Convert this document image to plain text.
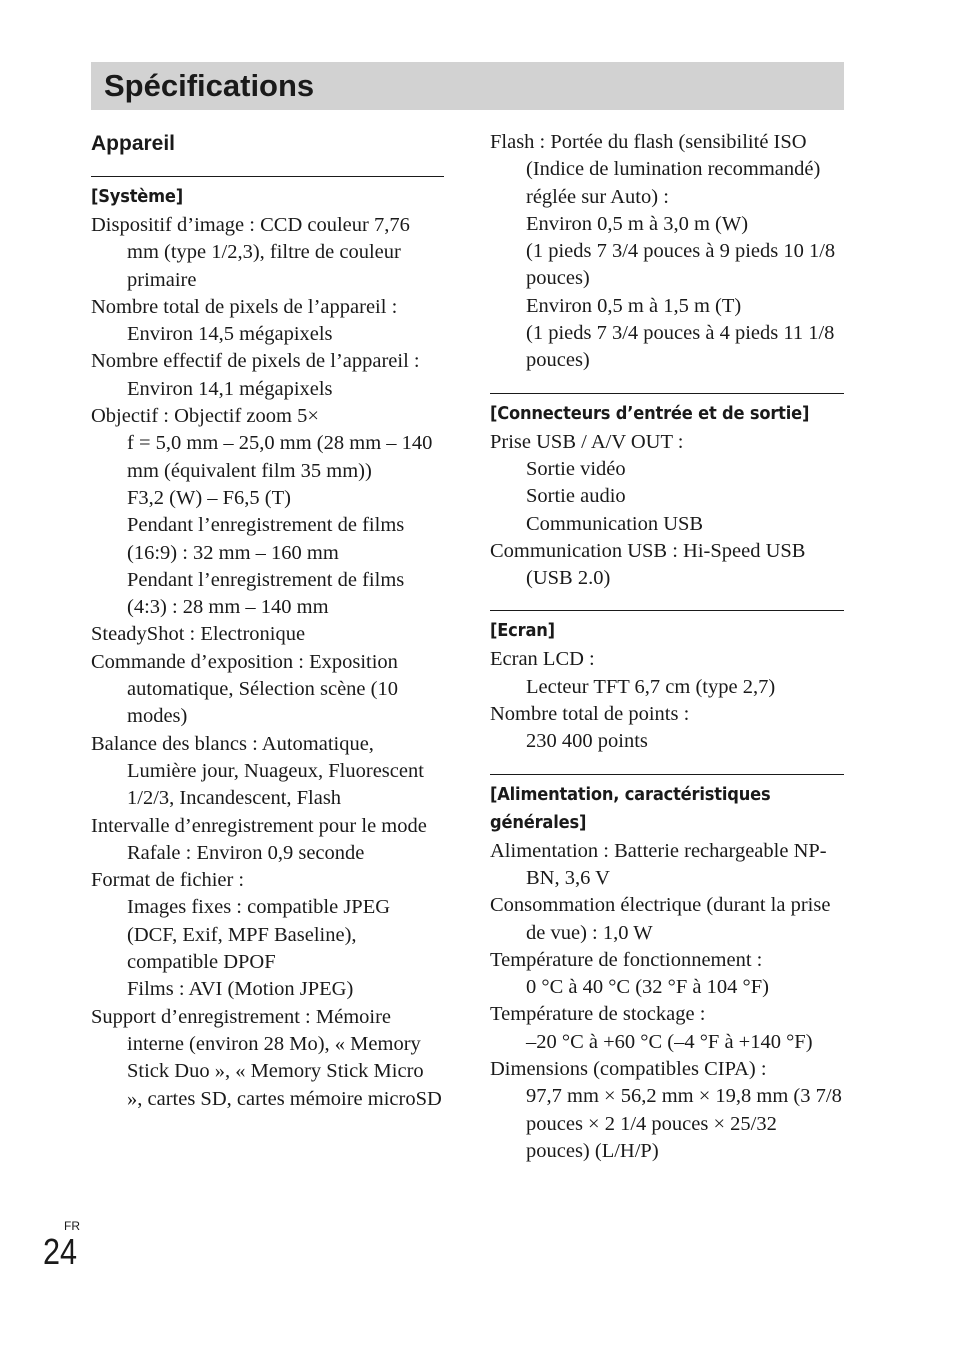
Spécifications
Appareil
[Système]

Dispositif d’image : CCD couleur 7,76 mm (type 1/2,3), filtre de couleur primaire

Nombre total de pixels de l’appareil :
Environ 14,5 mégapixels

Nombre effectif de pixels de l’appareil :
Environ 14,1 mégapixels

Objectif : Objectif zoom 5×
f = 5,0 mm – 25,0 mm (28 mm – 140 mm (équivalent film 35 mm))
F3,2 (W) – F6,5 (T)
Pendant l’enregistrement de films (16:9) : 32 mm – 160 mm
Pendant l’enregistrement de films (4:3) : 28 mm – 140 mm

SteadyShot : Electronique

Commande d’exposition : Exposition automatique, Sélection scène (10 modes)

Balance des blancs : Automatique, Lumière jour, Nuageux, Fluorescent 1/2/3, Incandescent, Flash

Intervalle d’enregistrement pour le mode Rafale : Environ 0,9 seconde

Format de fichier :
Images fixes : compatible JPEG (DCF, Exif, MPF Baseline), compatible DPOF
Films : AVI (Motion JPEG)

Support d’enregistrement : Mémoire interne (environ 28 Mo), « Memory Stick Duo », « Memory Stick Micro », cartes SD, cartes mémoire microSD

Flash : Portée du flash (sensibilité ISO (Indice de lumination recommandé) réglée sur Auto) :
Environ 0,5 m à 3,0 m (W)
(1 pieds 7 3/4 pouces à 9 pieds 10 1/8 pouces)
Environ 0,5 m à 1,5 m (T)
(1 pieds 7 3/4 pouces à 4 pieds 11 1/8 pouces)

[Connecteurs d’entrée et de sortie]

Prise USB / A/V OUT :
Sortie vidéo
Sortie audio
Communication USB

Communication USB : Hi-Speed USB (USB 2.0)

[Ecran]

Ecran LCD :
Lecteur TFT 6,7 cm (type 2,7)

Nombre total de points :
230 400 points

[Alimentation, caractéristiques générales]

Alimentation : Batterie rechargeable NP-BN, 3,6 V

Consommation électrique (durant la prise de vue) : 1,0 W

Température de fonctionnement :
0 °C à 40 °C (32 °F à 104 °F)

Température de stockage :
–20 °C à +60 °C (–4 °F à +140 °F)

Dimensions (compatibles CIPA) :
97,7 mm × 56,2 mm × 19,8 mm (3 7/8 pouces × 2 1/4 pouces × 25/32 pouces) (L/H/P)

FR
24
